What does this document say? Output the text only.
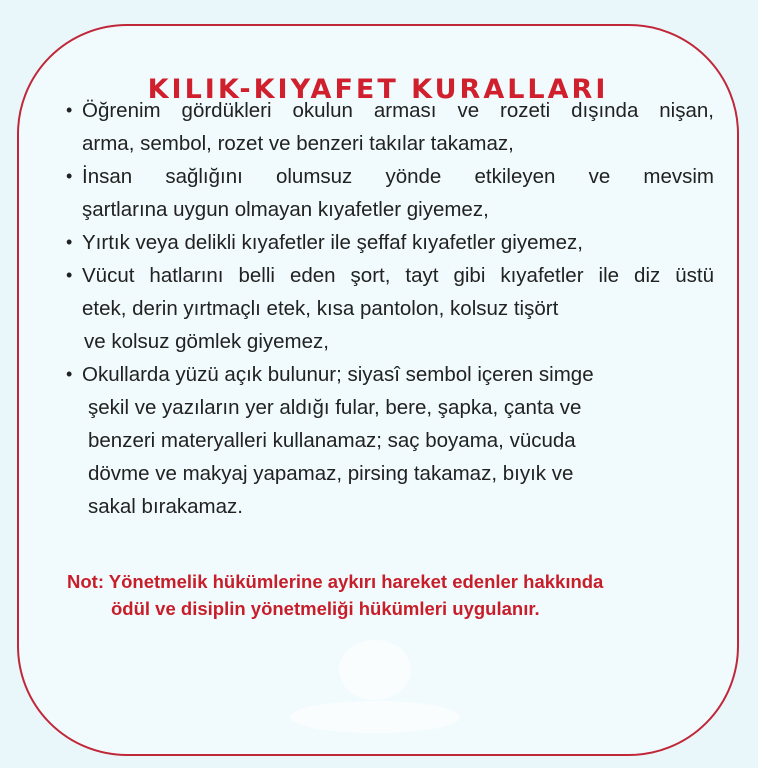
KILIK-KIYAFET KURALLARI
• Öğrenim gördükleri okulun arması ve rozeti dışında nişan,
arma, sembol, rozet ve benzeri takılar takamaz,
• İnsan sağlığını olumsuz yönde etkileyen ve mevsim
şartlarına uygun olmayan kıyafetler giyemez,
• Yırtık veya delikli kıyafetler ile şeffaf kıyafetler giyemez,
• Vücut hatlarını belli eden şort, tayt gibi kıyafetler ile diz üstü
etek, derin yırtmaçlı etek, kısa pantolon, kolsuz tişört
ve kolsuz gömlek giyemez,
• Okullarda yüzü açık bulunur; siyasî sembol içeren simge
şekil ve yazıların yer aldığı fular, bere, şapka, çanta ve
benzeri materyalleri kullanamaz; saç boyama, vücuda
dövme ve makyaj yapamaz, pirsing takamaz, bıyık ve
sakal bırakamaz.
Not: Yönetmelik hükümlerine aykırı hareket edenler hakkında
ödül ve disiplin yönetmeliği hükümleri uygulanır.
